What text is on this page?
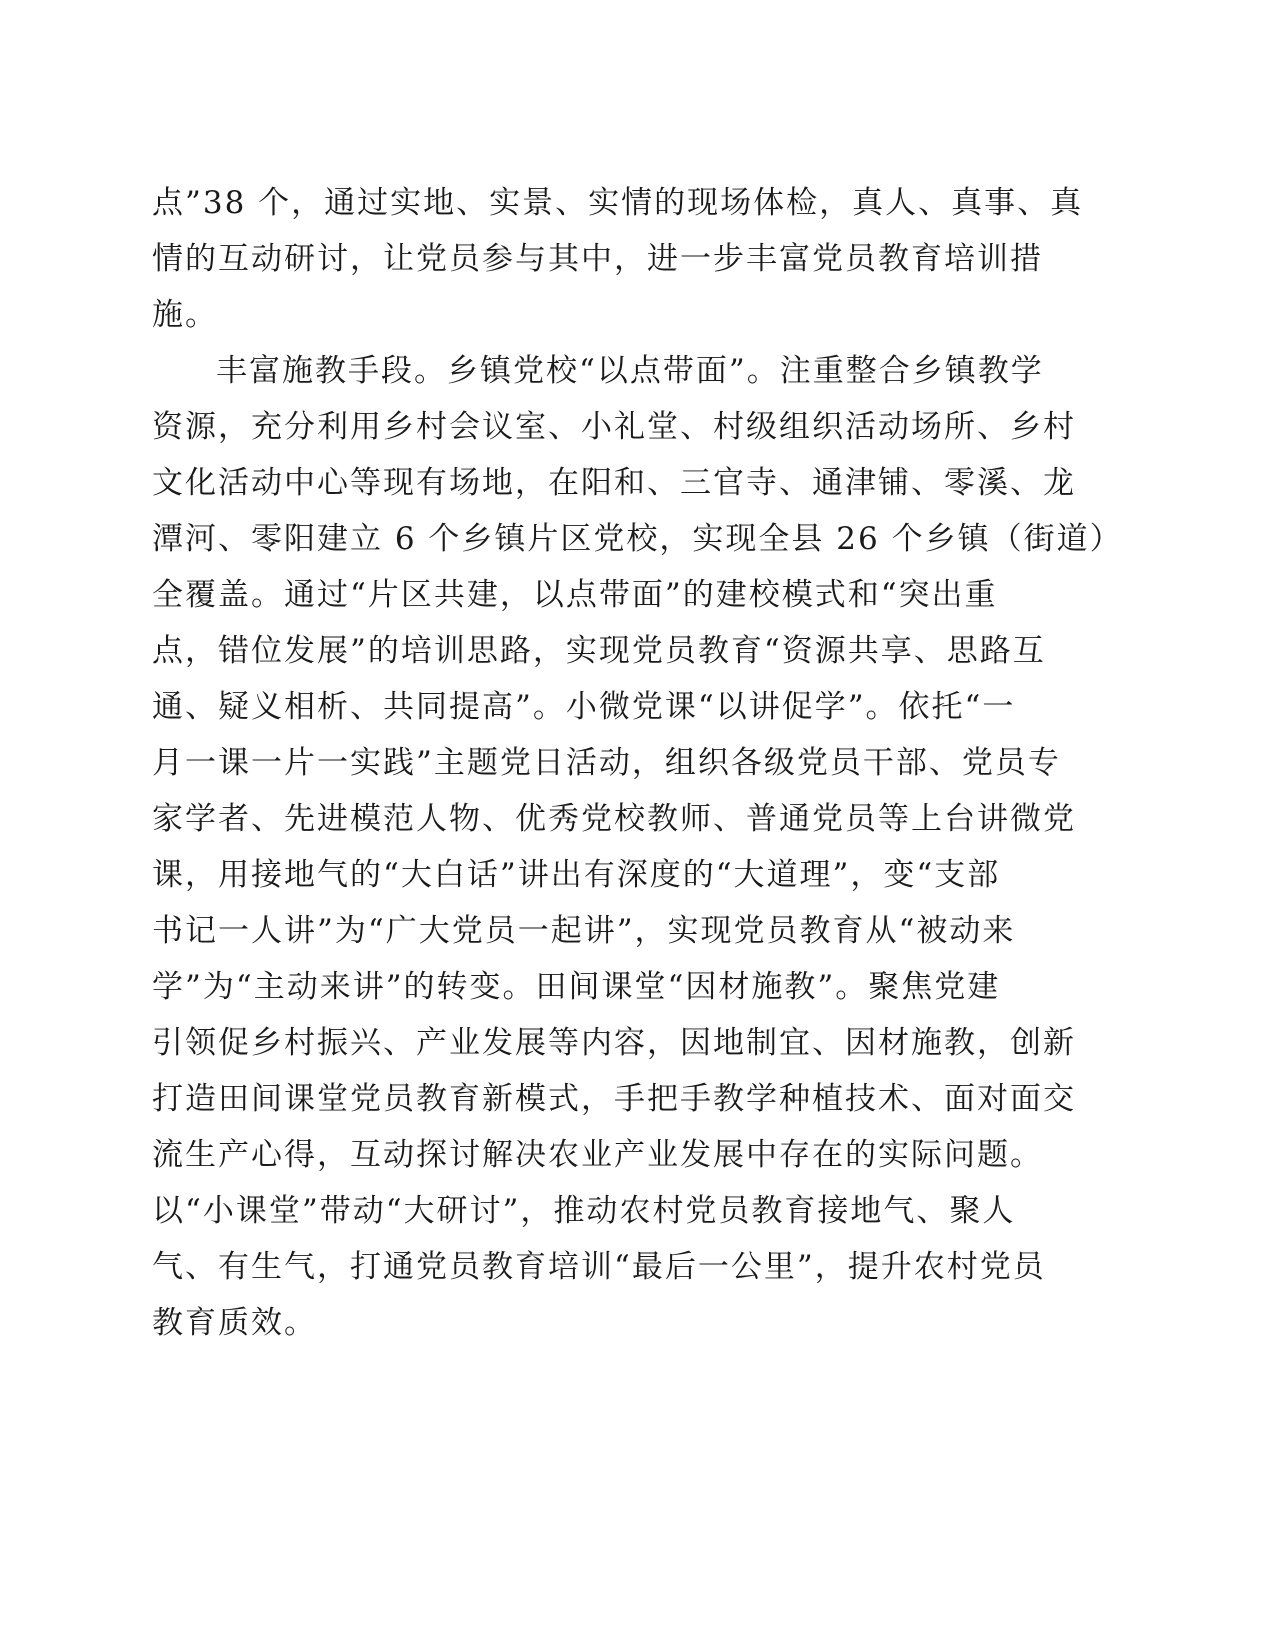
点”38 个，通过实地、实景、实情的现场体检，真人、真事、真
情的互动研讨，让党员参与其中，进一步丰富党员教育培训措
施。
丰富施教手段。乡镇党校“以点带面”。注重整合乡镇教学
资源，充分利用乡村会议室、小礼堂、村级组织活动场所、乡村
文化活动中心等现有场地，在阳和、三官寺、通津铺、零溪、龙
潭河、零阳建立 6 个乡镇片区党校，实现全县 26 个乡镇（街道）
全覆盖。通过“片区共建，以点带面”的建校模式和“突出重
点，错位发展”的培训思路，实现党员教育“资源共享、思路互
通、疑义相析、共同提高”。小微党课“以讲促学”。依托“一
月一课一片一实践”主题党日活动，组织各级党员干部、党员专
家学者、先进模范人物、优秀党校教师、普通党员等上台讲微党
课，用接地气的“大白话”讲出有深度的“大道理”，变“支部
书记一人讲”为“广大党员一起讲”，实现党员教育从“被动来
学”为“主动来讲”的转变。田间课堂“因材施教”。聚焦党建
引领促乡村振兴、产业发展等内容，因地制宜、因材施教，创新
打造田间课堂党员教育新模式，手把手教学种植技术、面对面交
流生产心得，互动探讨解决农业产业发展中存在的实际问题。
以“小课堂”带动“大研讨”，推动农村党员教育接地气、聚人
气、有生气，打通党员教育培训“最后一公里”，提升农村党员
教育质效。
